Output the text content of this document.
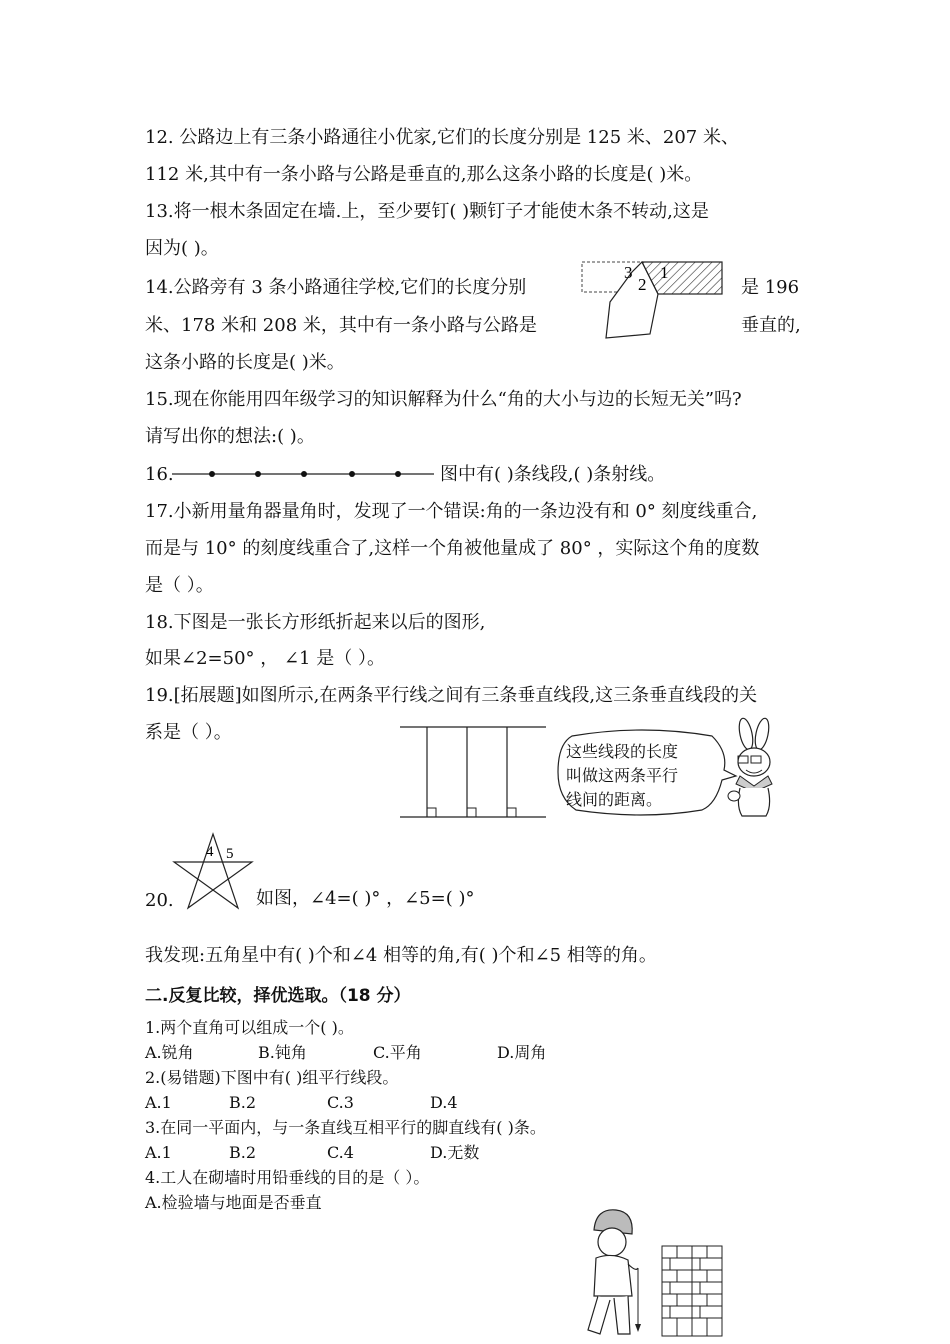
12. 公路边上有三条小路通往小优家,它们的长度分别是 125 米、207 米、
112 米,其中有一条小路与公路是垂直的,那么这条小路的长度是( )米。
13.将一根木条固定在墙.上，至少要钉( )颗钉子才能使木条不转动,这是
因为( )。
14.公路旁有 3 条小路通往学校,它们的长度分别	是 196
米、178 米和 208 米，其中有一条小路与公路是	垂直的,
这条小路的长度是( )米。
3
2
1
15.现在你能用四年级学习的知识解释为什么“角的大小与边的长短无关”吗?
请写出你的想法:( )。
16.	图中有( )条线段,( )条射线。
17.小新用量角器量角时，发现了一个错误:角的一条边没有和 0° 刻度线重合,
而是与 10° 的刻度线重合了,这样一个角被他量成了 80° ，实际这个角的度数
是（ ）。
18.下图是一张长方形纸折起来以后的图形,
如果∠2=50° ， ∠1 是（ ）。
19.[拓展题]如图所示,在两条平行线之间有三条垂直线段,这三条垂直线段的关
系是（ ）。
这些线段的长度
叫做这两条平行
线间的距离。
4 5
20.	如图，∠4=( )° ，∠5=( )°
我发现:五角星中有( )个和∠4 相等的角,有( )个和∠5 相等的角。
二.反复比较，择优选取。（18 分）
1.两个直角可以组成一个( )。
A.锐角	B.钝角	C.平角	D.周角
2.(易错题)下图中有( )组平行线段。
A.1	B.2	C.3	D.4
3.在同一平面内，与一条直线互相平行的脚直线有( )条。
A.1	B.2	C.4	D.无数
4.工人在砌墙时用铅垂线的目的是（ ）。
A.检验墙与地面是否垂直
